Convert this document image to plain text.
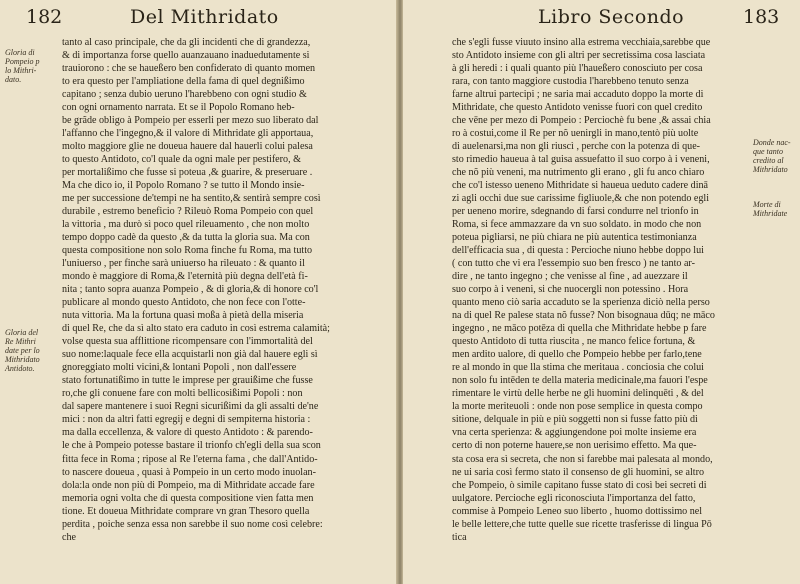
182	Del Mithridato
Gloria di
Pompeio p
lo Mithri-
dato.
Gloria del
Re Mithri
date per lo
Mithridato
Antidoto.
tanto al caso principale, che da gli incidenti che di grandezza,
& di importanza forse quello auanzauano inaduedutamente si
trauiorono : che se haueßero ben confiderato di quanto momen
to era questo per l'ampliatione della fama di quel degnißimo
capitano ; senza dubio ueruno l'harebbeno con ogni studio &
con ogni ornamento narrata. Et se il Popolo Romano heb-
be grãde obligo à Pompeio per esserli per mezo suo liberato dal
l'affanno che l'ingegno,& il valore di Mithridate gli apportaua,
molto maggiore glie ne doueua hauere dal hauerli colui palesa
to questo Antidoto, co'l quale da ogni male per pestifero, &
per mortalißimo che fusse si poteua ,& guarire, & preseruare .
Ma che dico io, il Popolo Romano ? se tutto il Mondo insie-
me per successione de'tempi ne ha sentito,& sentirà sempre così
durabile , estremo beneficio ? Rileuò Roma Pompeio con quel
la vittoria , ma durò sì poco quel rileuamento , che non molto
tempo doppo cadè da questo ,& da tutta la gloria sua. Ma con
questa compositione non solo Roma finche fu Roma, ma tutto
l'uniuerso , per finche sarà uniuerso ha rileuato : & quanto il
mondo è maggiore di Roma,& l'eternità più degna dell'età fi-
nita ; tanto sopra auanza Pompeio , & di gloria,& di honore co'l
publicare al mondo questo Antidoto, che non fece con l'otte-
nuta vittoria. Ma la fortuna quasi moßa à pietà della miseria
di quel Re, che da sì alto stato era caduto in così estrema calamità;
volse questa sua afflittione ricompensare con l'immortalità del
suo nome:laquale fece ella acquistarli non già dal hauere egli sì
gnoreggiato molti vicini,& lontani Popoli , non dall'essere
stato fortunatißimo in tutte le imprese per grauißime che fusse
ro,che gli conuene fare con molti bellicosißimi Popoli : non
dal sapere mantenere i suoi Regni sicurißimi da gli assalti de'ne
mici : non da altri fatti egregij e degni di sempiterna historia :
ma dalla eccellenza, & valore di questo Antidoto : & parendo-
le che à Pompeio potesse bastare il trionfo ch'egli della sua scon
fitta fece in Roma ; ripose al Re l'eterna fama , che dall'Antido-
to nascere doueua , quasi à Pompeio in un certo modo inuolan-
dola:la onde non più di Pompeio, ma di Mithridate accade fare
memoria ogni volta che di questa compositione vien fatta men
tione. Et doueua Mithridate comprare vn gran Thesoro quella
perdita , poiche senza essa non sarebbe il suo nome così celebre:
che
Libro Secondo	183
Donde nac-
que tanto
credito al
Mithridato
Morte di
Mithridate
che s'egli fusse viuuto insino alla estrema vecchiaia,sarebbe que
sto Antidoto insieme con gli altri per secretissima cosa lasciata
à gli heredi : i quali quanto più l'haueßero conosciuto per cosa
rara, con tanto maggiore custodia l'harebbeno tenuto senza
farne altrui partecipi ; ne saria mai accaduto doppo la morte di
Mithridate, che questo Antidoto venisse fuori con quel credito
che vēne per mezo di Pompeio : Perciochè fu bene ,& assai chia
ro à costui,come il Re per nõ uenirgli in mano,tentò più uolte
di auelenarsi,ma non gli riuscì , perche con la potenza di que-
sto rimedio haueua à tal guisa assuefatto il suo corpo à i veneni,
che nõ più veneni, ma nutrimento gli erano , gli fu anco chiaro
che co'l istesso ueneno Mithridate si haueua ueduto cadere dinā
zi agli occhi due sue carissime figliuole,& che non potendo egli
per ueneno morire, sdegnando di farsi condurre nel trionfo in
Roma, si fece ammazzare da vn suo soldato. in modo che non
poteua pigliarsi, ne più chiara ne più autentica testimonianza
dell'efficacia sua , di questa : Percioche niuno hebbe doppo lui
( con tutto che vi era l'essempio suo ben fresco ) ne tanto ar-
dire , ne tanto ingegno ; che venisse al fine , ad auezzare il
suo corpo à i veneni, si che nuocergli non potessino . Hora
quanto meno ciò saria accaduto se la sperienza diciò nella perso
na di quel Re palese stata nõ fusse? Non bisognaua dūq; ne māco
ingegno , ne māco potēza di quella che Mithridate hebbe p fare
questo Antidoto di tutta riuscita , ne manco felice fortuna, &
men ardito ualore, di quello che Pompeio hebbe per farlo,tene
re al mondo in que lla stima che meritaua . conciosia che colui
non solo fu intēden te della materia medicinale,ma fauori l'espe
rimentare le virtù delle herbe ne gli huomini delinquēti , & del
la morte meriteuoli : onde non pose semplice in questa compo
sitione, delquale in più e più soggetti non si fusse fatto più di
vna certa sperienza: & aggiungendone poi molte insieme era
certo di non poterne hauere,se non uerisimo effetto. Ma que-
sta cosa era sì secreta, che non si farebbe mai palesata al mondo,
ne ui saria così fermo stato il consenso de gli huomini, se altro
che Pompeio, ò simile capitano fusse stato di così bei secreti di
uulgatore. Percioche egli riconosciuta l'importanza del fatto,
commise à Pompeio Leneo suo liberto , huomo dottissimo nel
le belle lettere,che tutte quelle sue ricette trasferisse di lingua Pō
tica
